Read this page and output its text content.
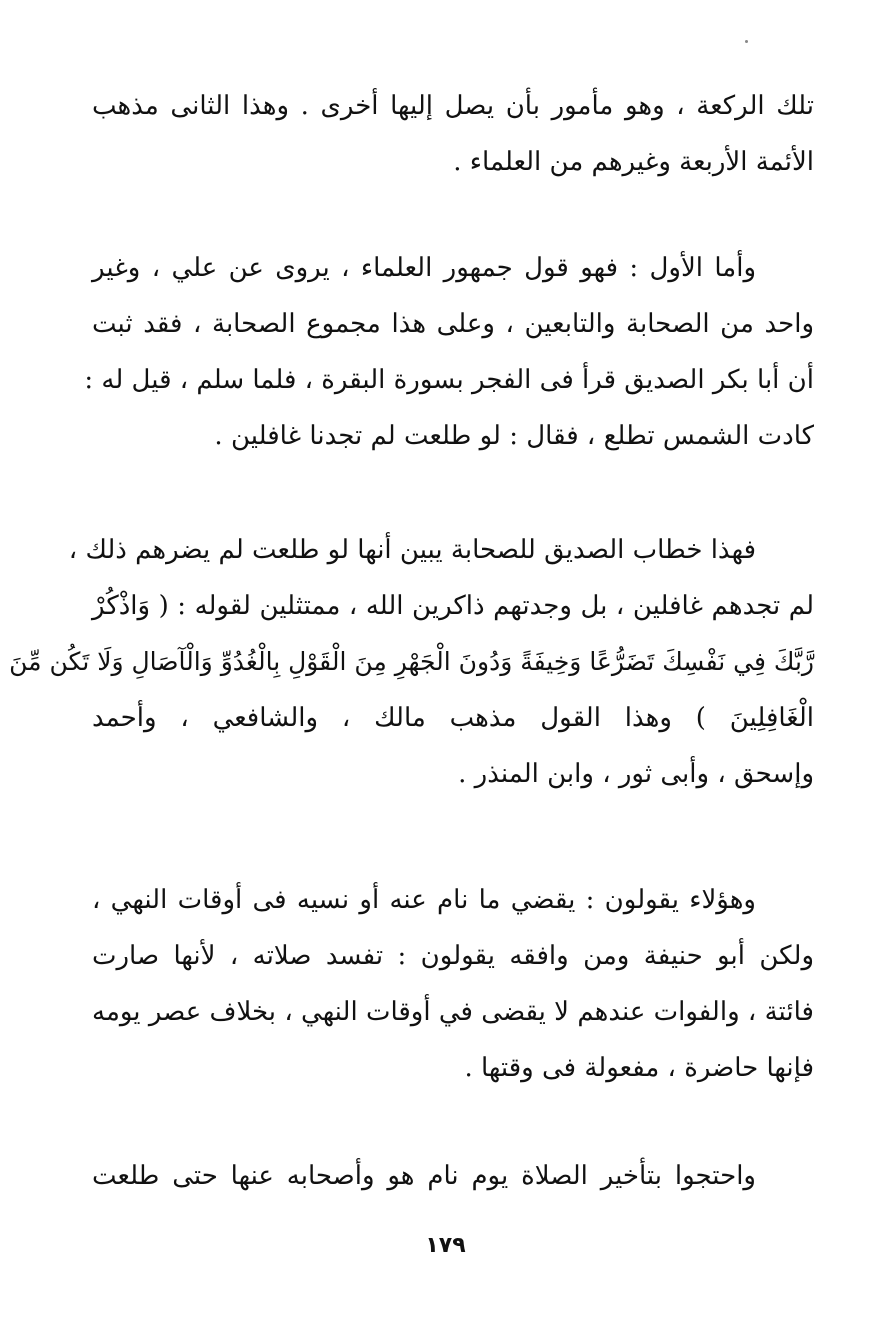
تلك الركعة ، وهو مأمور بأن يصل إليها أخرى . وهذا الثانى مذهب
الأئمة الأربعة وغيرهم من العلماء .
وأما الأول : فهو قول جمهور العلماء ، يروى عن علي ، وغير
واحد من الصحابة والتابعين ، وعلى هذا مجموع الصحابة ، فقد ثبت
أن أبا بكر الصديق قرأ فى الفجر بسورة البقرة ، فلما سلم ، قيل له :
كادت الشمس تطلع ، فقال : لو طلعت لم تجدنا غافلين .
فهذا خطاب الصديق للصحابة يبين أنها لو طلعت لم يضرهم ذلك ،
لم تجدهم غافلين ، بل وجدتهم ذاكرين الله ، ممتثلين لقوله : ( وَاذْكُرْ
رَّبَّكَ فِي نَفْسِكَ تَضَرُّعًا وَخِيفَةً وَدُونَ الْجَهْرِ مِنَ الْقَوْلِ بِالْغُدُوِّ وَالْآصَالِ وَلَا تَكُن مِّنَ
الْغَافِلِينَ ) وهذا القول مذهب مالك ، والشافعي ، وأحمد
وإسحق ، وأبى ثور ، وابن المنذر .
وهؤلاء يقولون : يقضي ما نام عنه أو نسيه فى أوقات النهي ،
ولكن أبو حنيفة ومن وافقه يقولون : تفسد صلاته ، لأنها صارت
فائتة ، والفوات عندهم لا يقضى في أوقات النهي ، بخلاف عصر يومه
فإنها حاضرة ، مفعولة فى وقتها .
واحتجوا بتأخير الصلاة يوم نام هو وأصحابه عنها حتى طلعت
١٧٩
